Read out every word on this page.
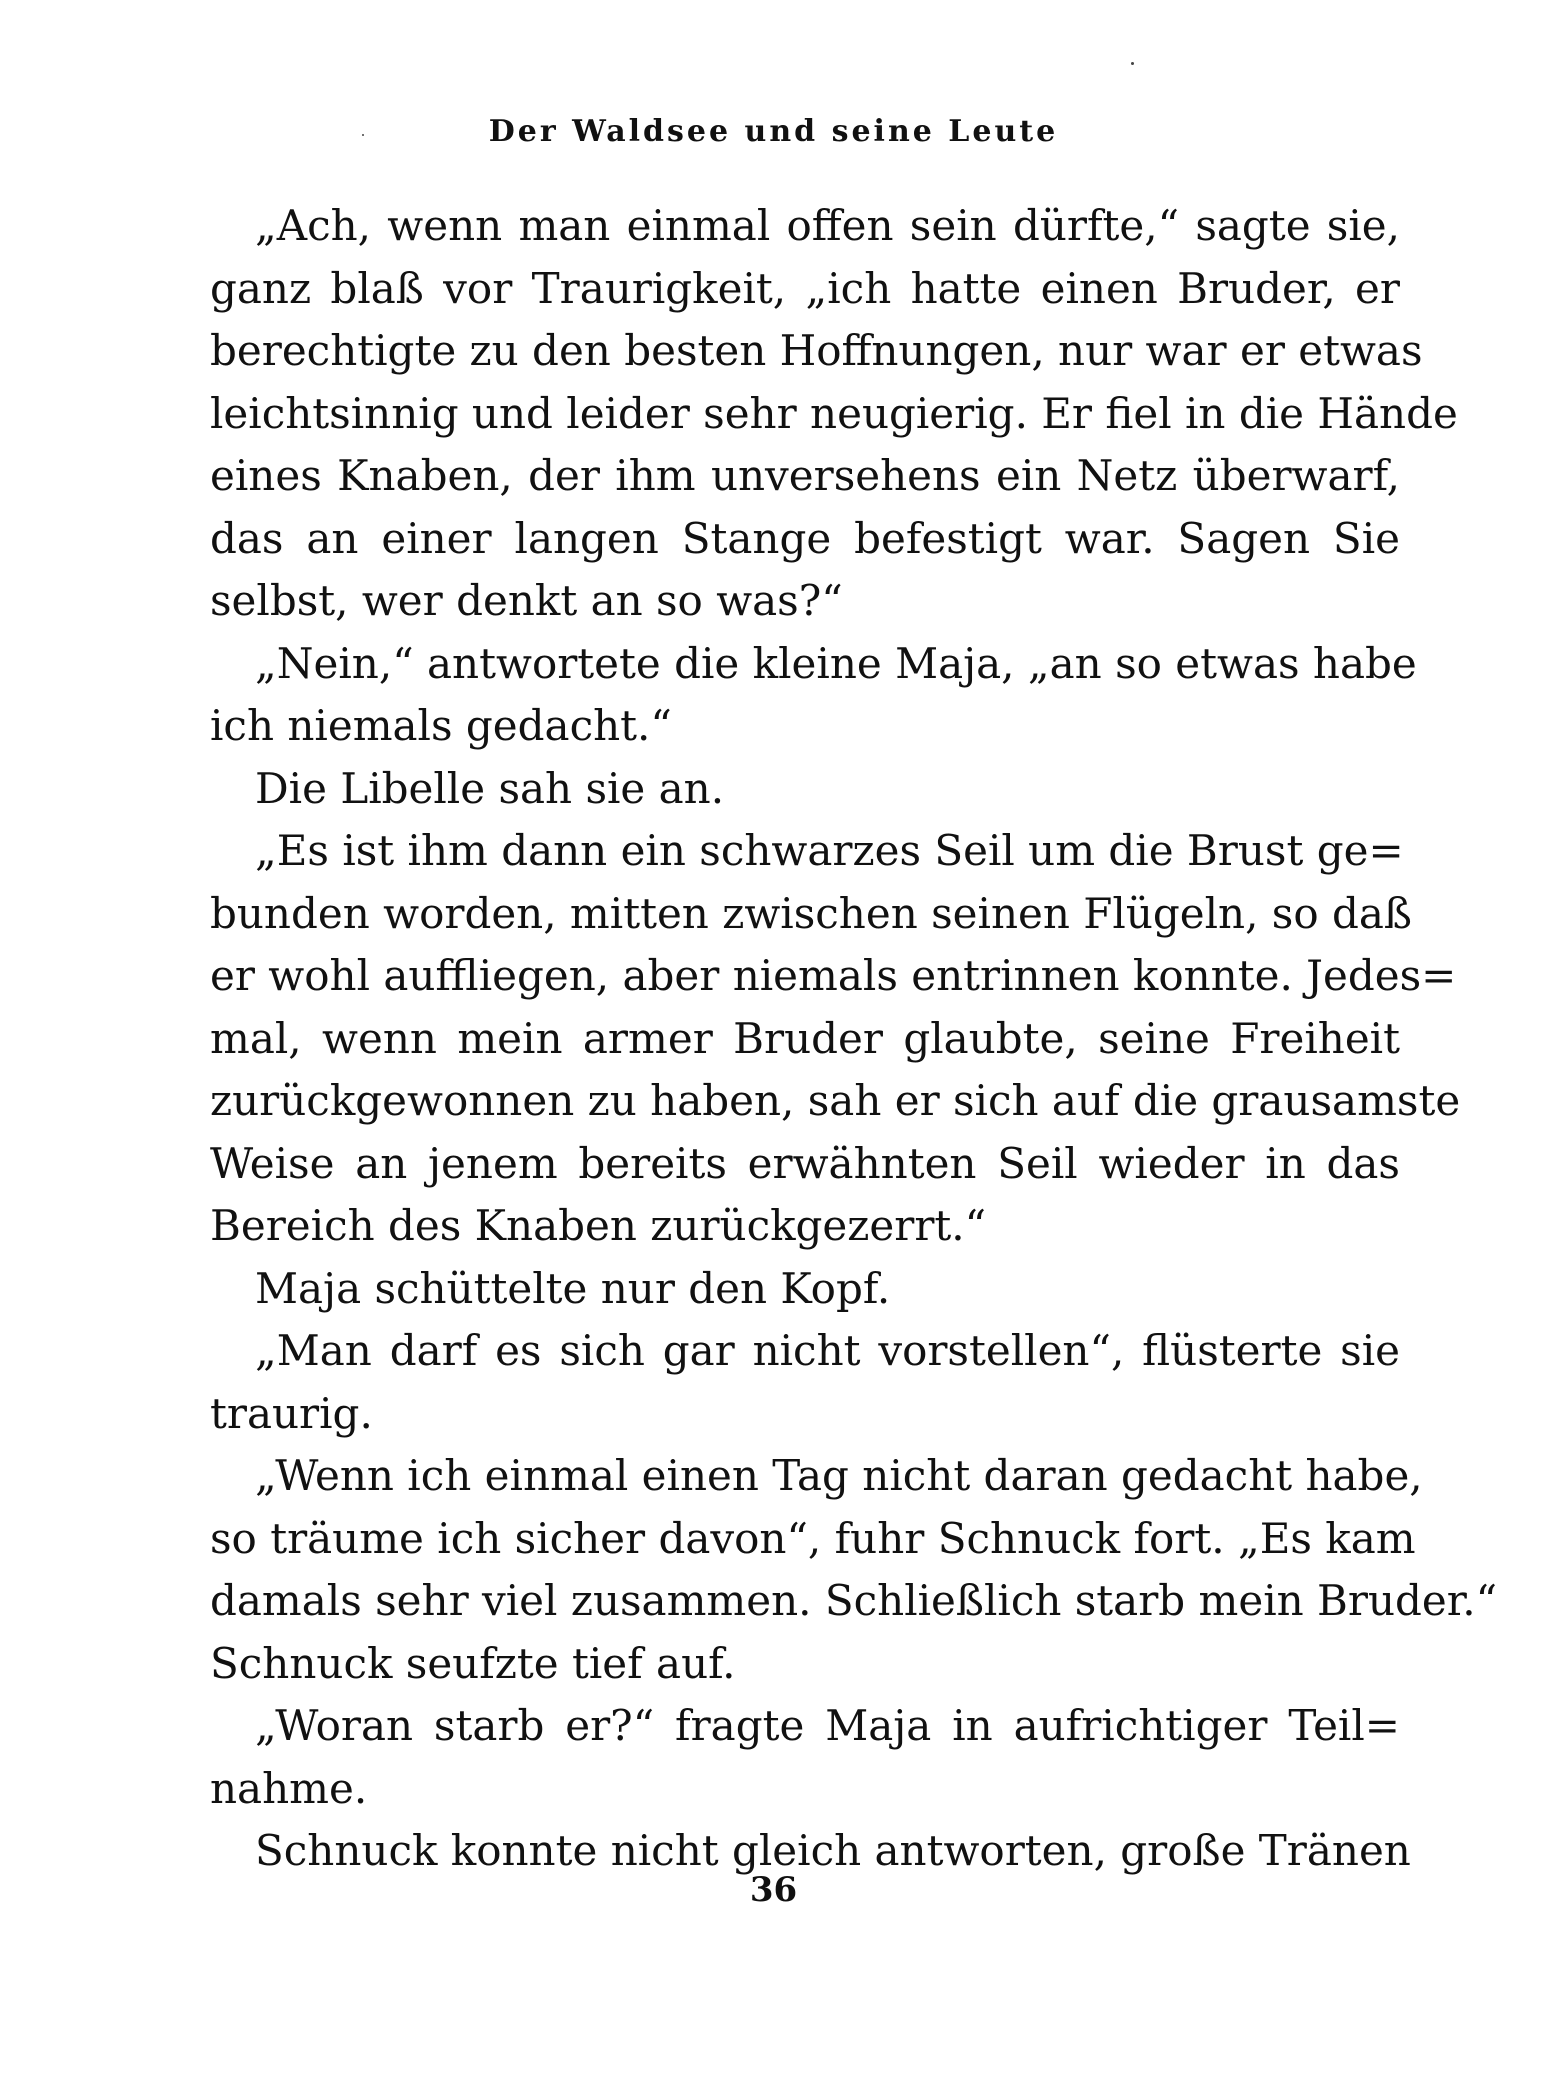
Der Waldsee und seine Leute
„Ach, wenn man einmal offen sein dürfte,“ sagte sie,
ganz blaß vor Traurigkeit, „ich hatte einen Bruder, er
berechtigte zu den besten Hoffnungen, nur war er etwas
leichtsinnig und leider sehr neugierig. Er fiel in die Hände
eines Knaben, der ihm unversehens ein Netz überwarf,
das an einer langen Stange befestigt war. Sagen Sie
selbst, wer denkt an so was?“
„Nein,“ antwortete die kleine Maja, „an so etwas habe
ich niemals gedacht.“
Die Libelle sah sie an.
„Es ist ihm dann ein schwarzes Seil um die Brust ge=
bunden worden, mitten zwischen seinen Flügeln, so daß
er wohl auffliegen, aber niemals entrinnen konnte. Jedes=
mal, wenn mein armer Bruder glaubte, seine Freiheit
zurückgewonnen zu haben, sah er sich auf die grausamste
Weise an jenem bereits erwähnten Seil wieder in das
Bereich des Knaben zurückgezerrt.“
Maja schüttelte nur den Kopf.
„Man darf es sich gar nicht vorstellen“, flüsterte sie
traurig.
„Wenn ich einmal einen Tag nicht daran gedacht habe,
so träume ich sicher davon“, fuhr Schnuck fort. „Es kam
damals sehr viel zusammen. Schließlich starb mein Bruder.“
Schnuck seufzte tief auf.
„Woran starb er?“ fragte Maja in aufrichtiger Teil=
nahme.
Schnuck konnte nicht gleich antworten, große Tränen
36
